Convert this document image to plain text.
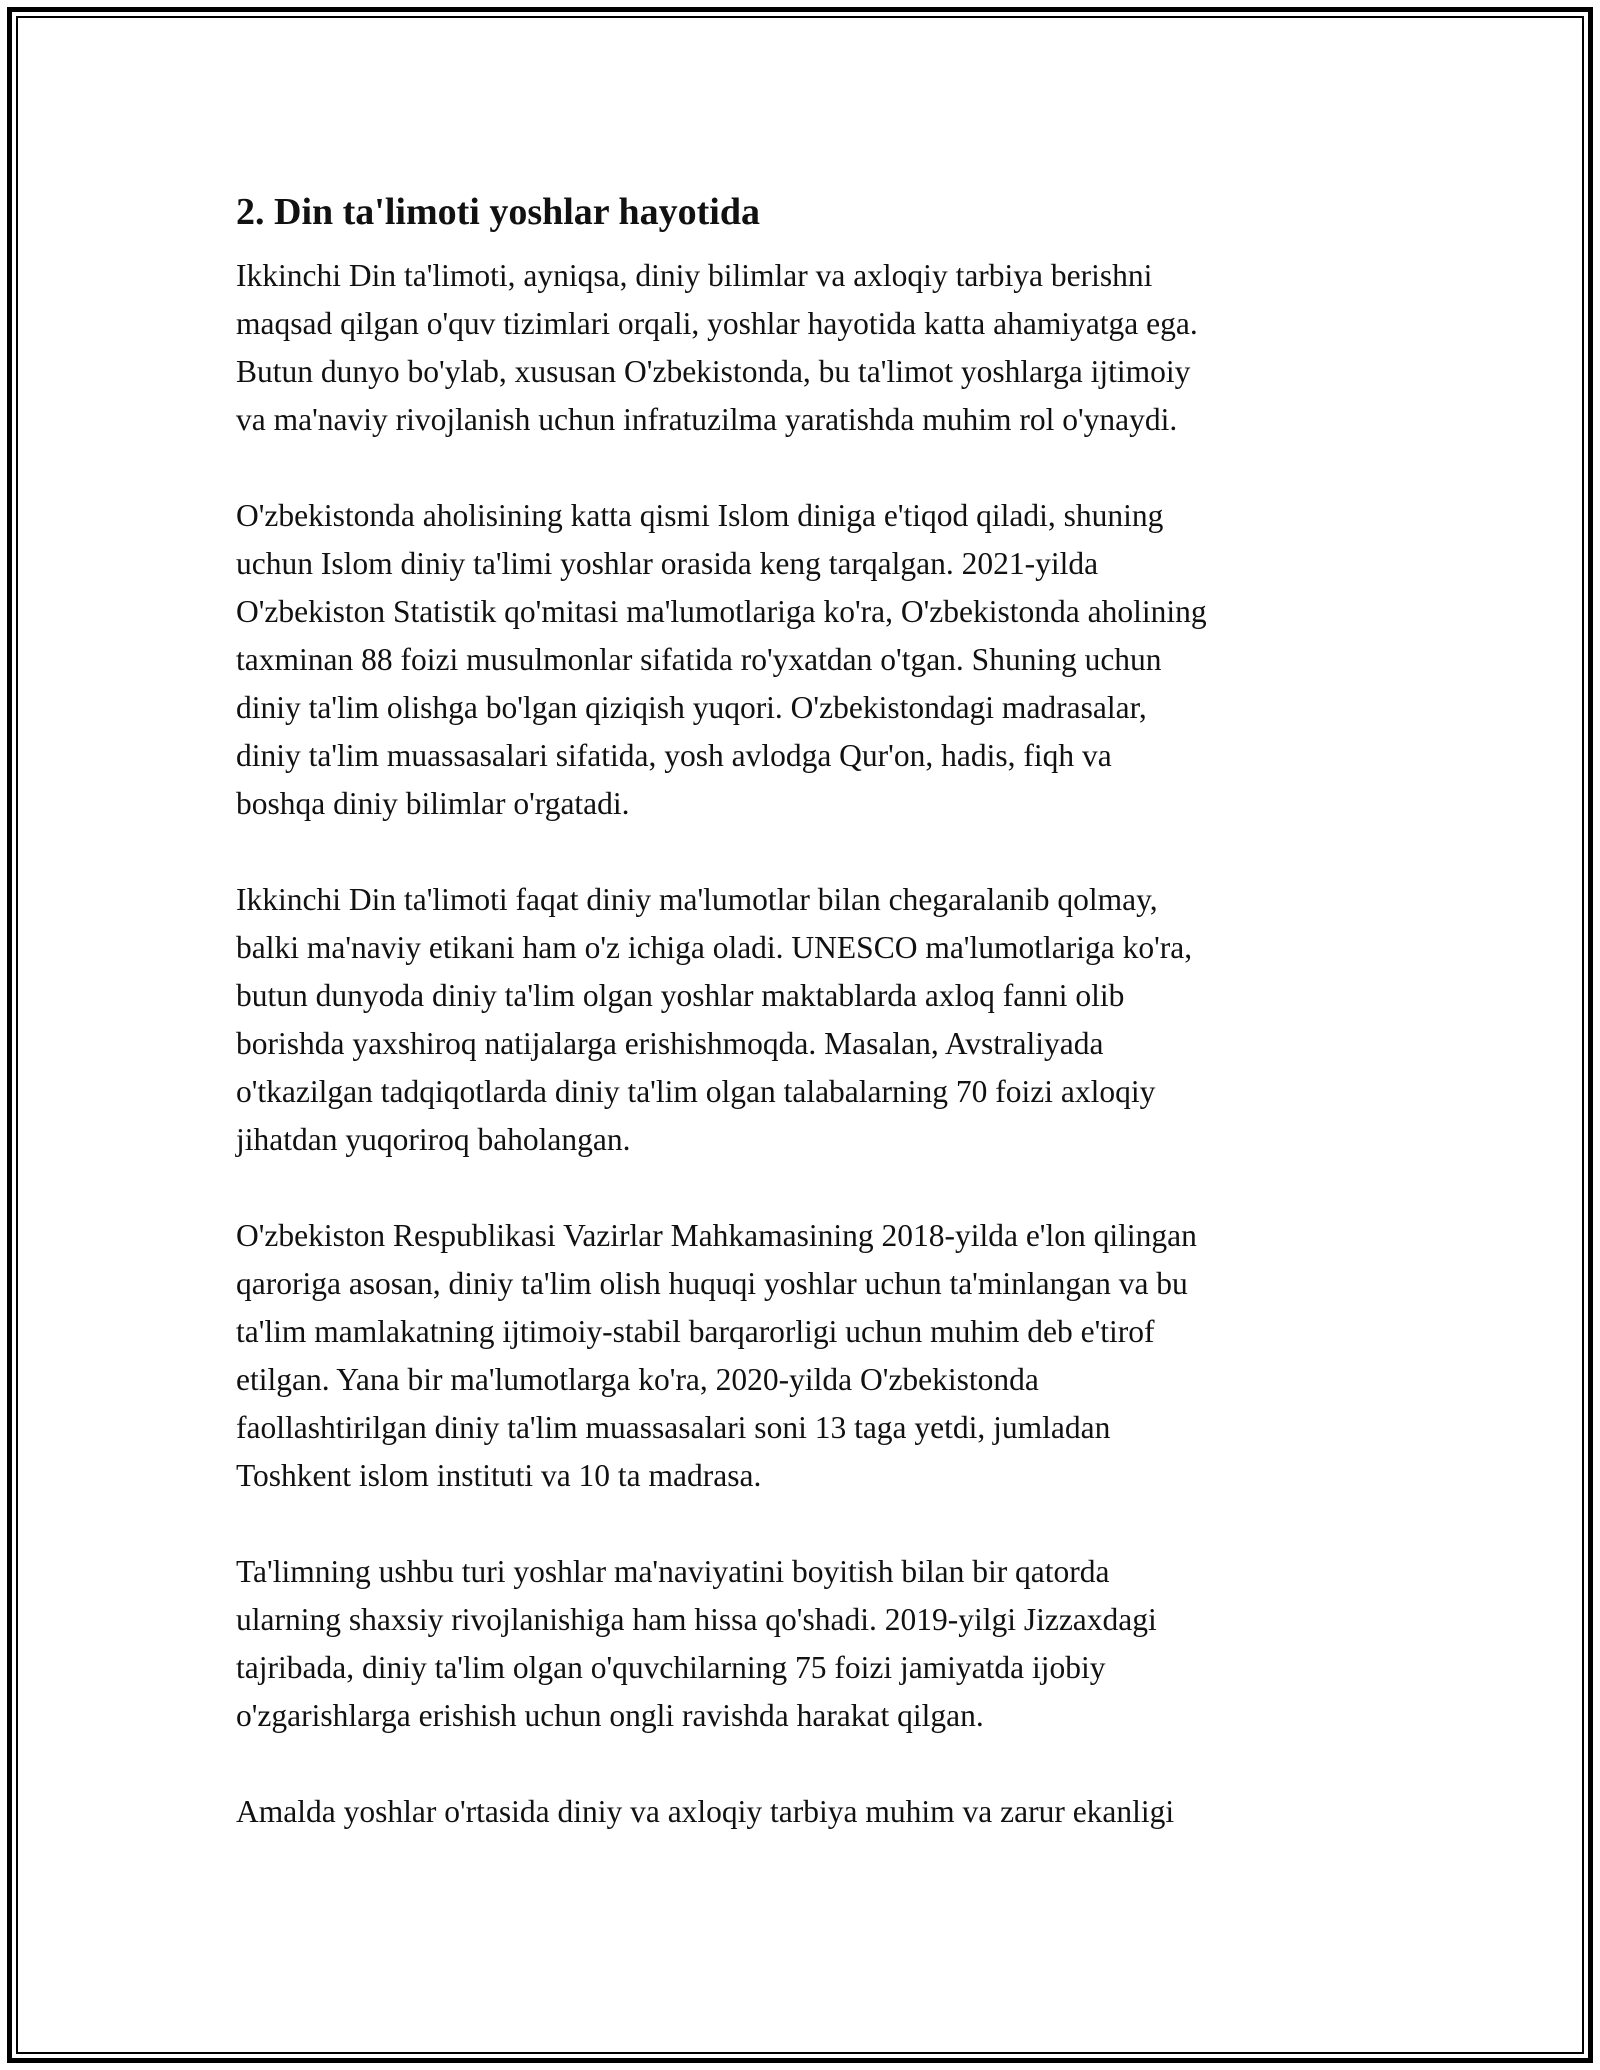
2. Din ta'limoti yoshlar hayotida
Ikkinchi Din ta'limoti, ayniqsa, diniy bilimlar va axloqiy tarbiya berishni
maqsad qilgan o'quv tizimlari orqali, yoshlar hayotida katta ahamiyatga ega.
Butun dunyo bo'ylab, xususan O'zbekistonda, bu ta'limot yoshlarga ijtimoiy
va ma'naviy rivojlanish uchun infratuzilma yaratishda muhim rol o'ynaydi.
O'zbekistonda aholisining katta qismi Islom diniga e'tiqod qiladi, shuning
uchun Islom diniy ta'limi yoshlar orasida keng tarqalgan. 2021-yilda
O'zbekiston Statistik qo'mitasi ma'lumotlariga ko'ra, O'zbekistonda aholining
taxminan 88 foizi musulmonlar sifatida ro'yxatdan o'tgan. Shuning uchun
diniy ta'lim olishga bo'lgan qiziqish yuqori. O'zbekistondagi madrasalar,
diniy ta'lim muassasalari sifatida, yosh avlodga Qur'on, hadis, fiqh va
boshqa diniy bilimlar o'rgatadi.
Ikkinchi Din ta'limoti faqat diniy ma'lumotlar bilan chegaralanib qolmay,
balki ma'naviy etikani ham o'z ichiga oladi. UNESCO ma'lumotlariga ko'ra,
butun dunyoda diniy ta'lim olgan yoshlar maktablarda axloq fanni olib
borishda yaxshiroq natijalarga erishishmoqda. Masalan, Avstraliyada
o'tkazilgan tadqiqotlarda diniy ta'lim olgan talabalarning 70 foizi axloqiy
jihatdan yuqoriroq baholangan.
O'zbekiston Respublikasi Vazirlar Mahkamasining 2018-yilda e'lon qilingan
qaroriga asosan, diniy ta'lim olish huquqi yoshlar uchun ta'minlangan va bu
ta'lim mamlakatning ijtimoiy-stabil barqarorligi uchun muhim deb e'tirof
etilgan. Yana bir ma'lumotlarga ko'ra, 2020-yilda O'zbekistonda
faollashtirilgan diniy ta'lim muassasalari soni 13 taga yetdi, jumladan
Toshkent islom instituti va 10 ta madrasa.
Ta'limning ushbu turi yoshlar ma'naviyatini boyitish bilan bir qatorda
ularning shaxsiy rivojlanishiga ham hissa qo'shadi. 2019-yilgi Jizzaxdagi
tajribada, diniy ta'lim olgan o'quvchilarning 75 foizi jamiyatda ijobiy
o'zgarishlarga erishish uchun ongli ravishda harakat qilgan.
Amalda yoshlar o'rtasida diniy va axloqiy tarbiya muhim va zarur ekanligi
